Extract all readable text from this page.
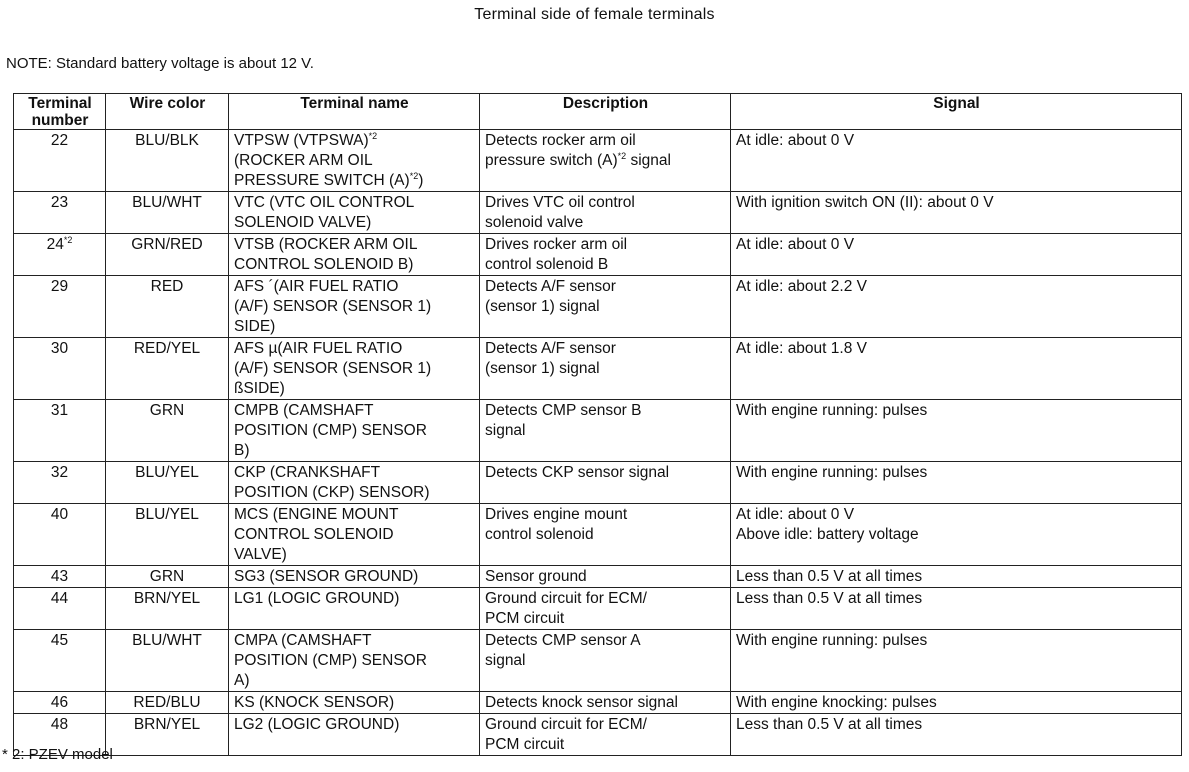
Terminal side of female terminals
NOTE: Standard battery voltage is about 12 V.
Terminal number	Wire color	Terminal name	Description	Signal
22	BLU/BLK	VTPSW (VTPSWA)$^{*2}$
(ROCKER ARM OIL
PRESSURE SWITCH $(A)^{*2}$)	Detects rocker arm oil
pressure switch $(A)^{*2}$ signal	At idle: about 0 V

23	BLU/WHT	VTC (VTC OIL CONTROL
SOLENOID VALVE)	Drives VTC oil control
solenoid valve	With ignition switch ON (II): about 0 V

24$^{*2}$	GRN/RED	VTSB (ROCKER ARM OIL
CONTROL SOLENOID B)	Drives rocker arm oil
control solenoid B	At idle: about 0 V

29	RED	AFS ´(AIR FUEL RATIO
(A/F) SENSOR (SENSOR 1)
SIDE)	Detects A/F sensor
(sensor 1) signal	At idle: about 2.2 V

30	RED/YEL	AFS µ(AIR FUEL RATIO
(A/F) SENSOR (SENSOR 1)
ßSIDE)	Detects A/F sensor
(sensor 1) signal	At idle: about 1.8 V

31	GRN	CMPB (CAMSHAFT
POSITION (CMP) SENSOR
B)	Detects CMP sensor B
signal	With engine running: pulses

32	BLU/YEL	CKP (CRANKSHAFT
POSITION (CKP) SENSOR)	Detects CKP sensor signal	With engine running: pulses

40	BLU/YEL	MCS (ENGINE MOUNT
CONTROL SOLENOID
VALVE)	Drives engine mount
control solenoid	At idle: about 0 V
Above idle: battery voltage

43	GRN	SG3 (SENSOR GROUND)	Sensor ground	Less than 0.5 V at all times

44	BRN/YEL	LG1 (LOGIC GROUND)	Ground circuit for ECM/
PCM circuit	Less than 0.5 V at all times

45	BLU/WHT	CMPA (CAMSHAFT
POSITION (CMP) SENSOR
A)	Detects CMP sensor A
signal	With engine running: pulses

46	RED/BLU	KS (KNOCK SENSOR)	Detects knock sensor signal	With engine knocking: pulses

48	BRN/YEL	LG2 (LOGIC GROUND)	Ground circuit for ECM/
PCM circuit	Less than 0.5 V at all times
* 2: PZEV model
